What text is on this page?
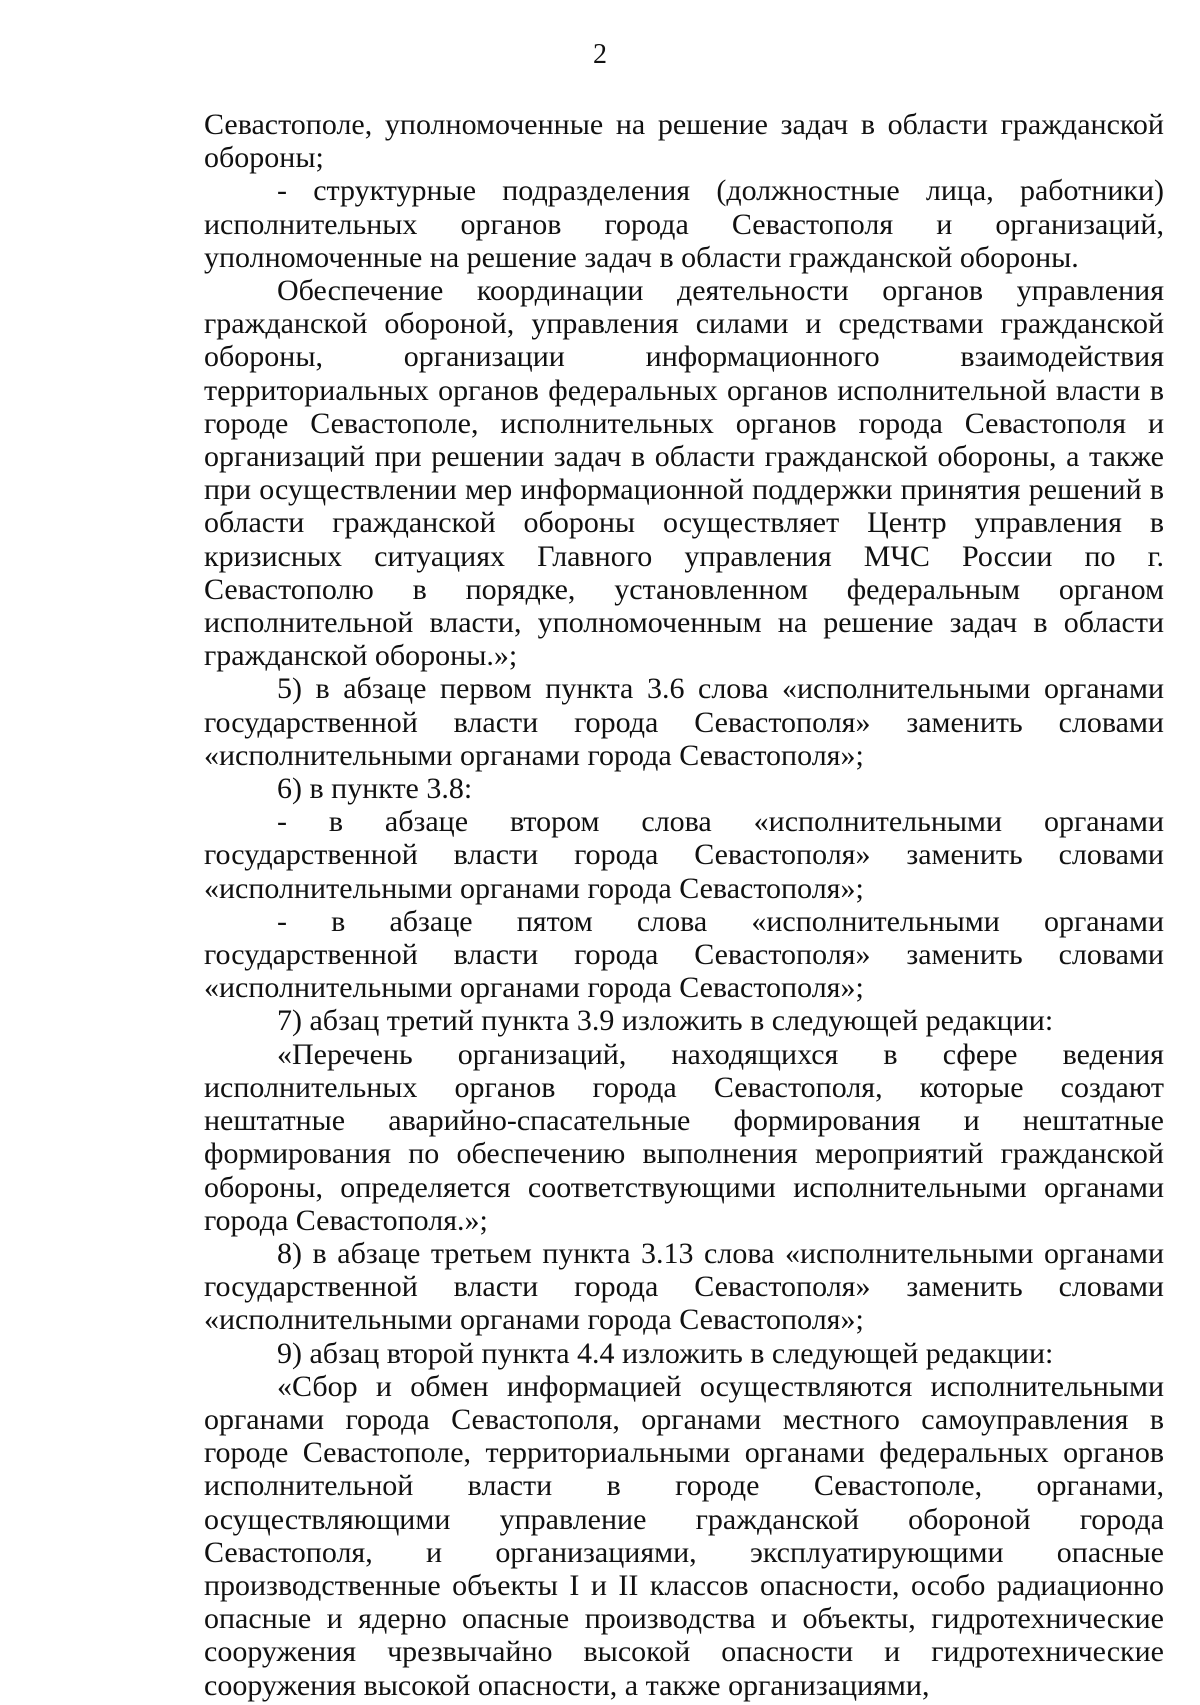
2

Севастополе, уполномоченные на решение задач в области гражданской обороны;

- структурные подразделения (должностные лица, работники) исполнительных органов города Севастополя и организаций, уполномоченные на решение задач в области гражданской обороны.

Обеспечение координации деятельности органов управления гражданской обороной, управления силами и средствами гражданской обороны, организации информационного взаимодействия территориальных органов федеральных органов исполнительной власти в городе Севастополе, исполнительных органов города Севастополя и организаций при решении задач в области гражданской обороны, а также при осуществлении мер информационной поддержки принятия решений в области гражданской обороны осуществляет Центр управления в кризисных ситуациях Главного управления МЧС России по г. Севастополю в порядке, установленном федеральным органом исполнительной власти, уполномоченным на решение задач в области гражданской обороны.»;

5) в абзаце первом пункта 3.6 слова «исполнительными органами государственной власти города Севастополя» заменить словами «исполнительными органами города Севастополя»;

6) в пункте 3.8:

- в абзаце втором слова «исполнительными органами государственной власти города Севастополя» заменить словами «исполнительными органами города Севастополя»;

- в абзаце пятом слова «исполнительными органами государственной власти города Севастополя» заменить словами «исполнительными органами города Севастополя»;

7) абзац третий пункта 3.9 изложить в следующей редакции:

«Перечень организаций, находящихся в сфере ведения исполнительных органов города Севастополя, которые создают нештатные аварийно-спасательные формирования и нештатные формирования по обеспечению выполнения мероприятий гражданской обороны, определяется соответствующими исполнительными органами города Севастополя.»;

8) в абзаце третьем пункта 3.13 слова «исполнительными органами государственной власти города Севастополя» заменить словами «исполнительными органами города Севастополя»;

9) абзац второй пункта 4.4 изложить в следующей редакции:

«Сбор и обмен информацией осуществляются исполнительными органами города Севастополя, органами местного самоуправления в городе Севастополе, территориальными органами федеральных органов исполнительной власти в городе Севастополе, органами, осуществляющими управление гражданской обороной города Севастополя, и организациями, эксплуатирующими опасные производственные объекты I и II классов опасности, особо радиационно опасные и ядерно опасные производства и объекты, гидротехнические сооружения чрезвычайно высокой опасности и гидротехнические сооружения высокой опасности, а также организациями,
